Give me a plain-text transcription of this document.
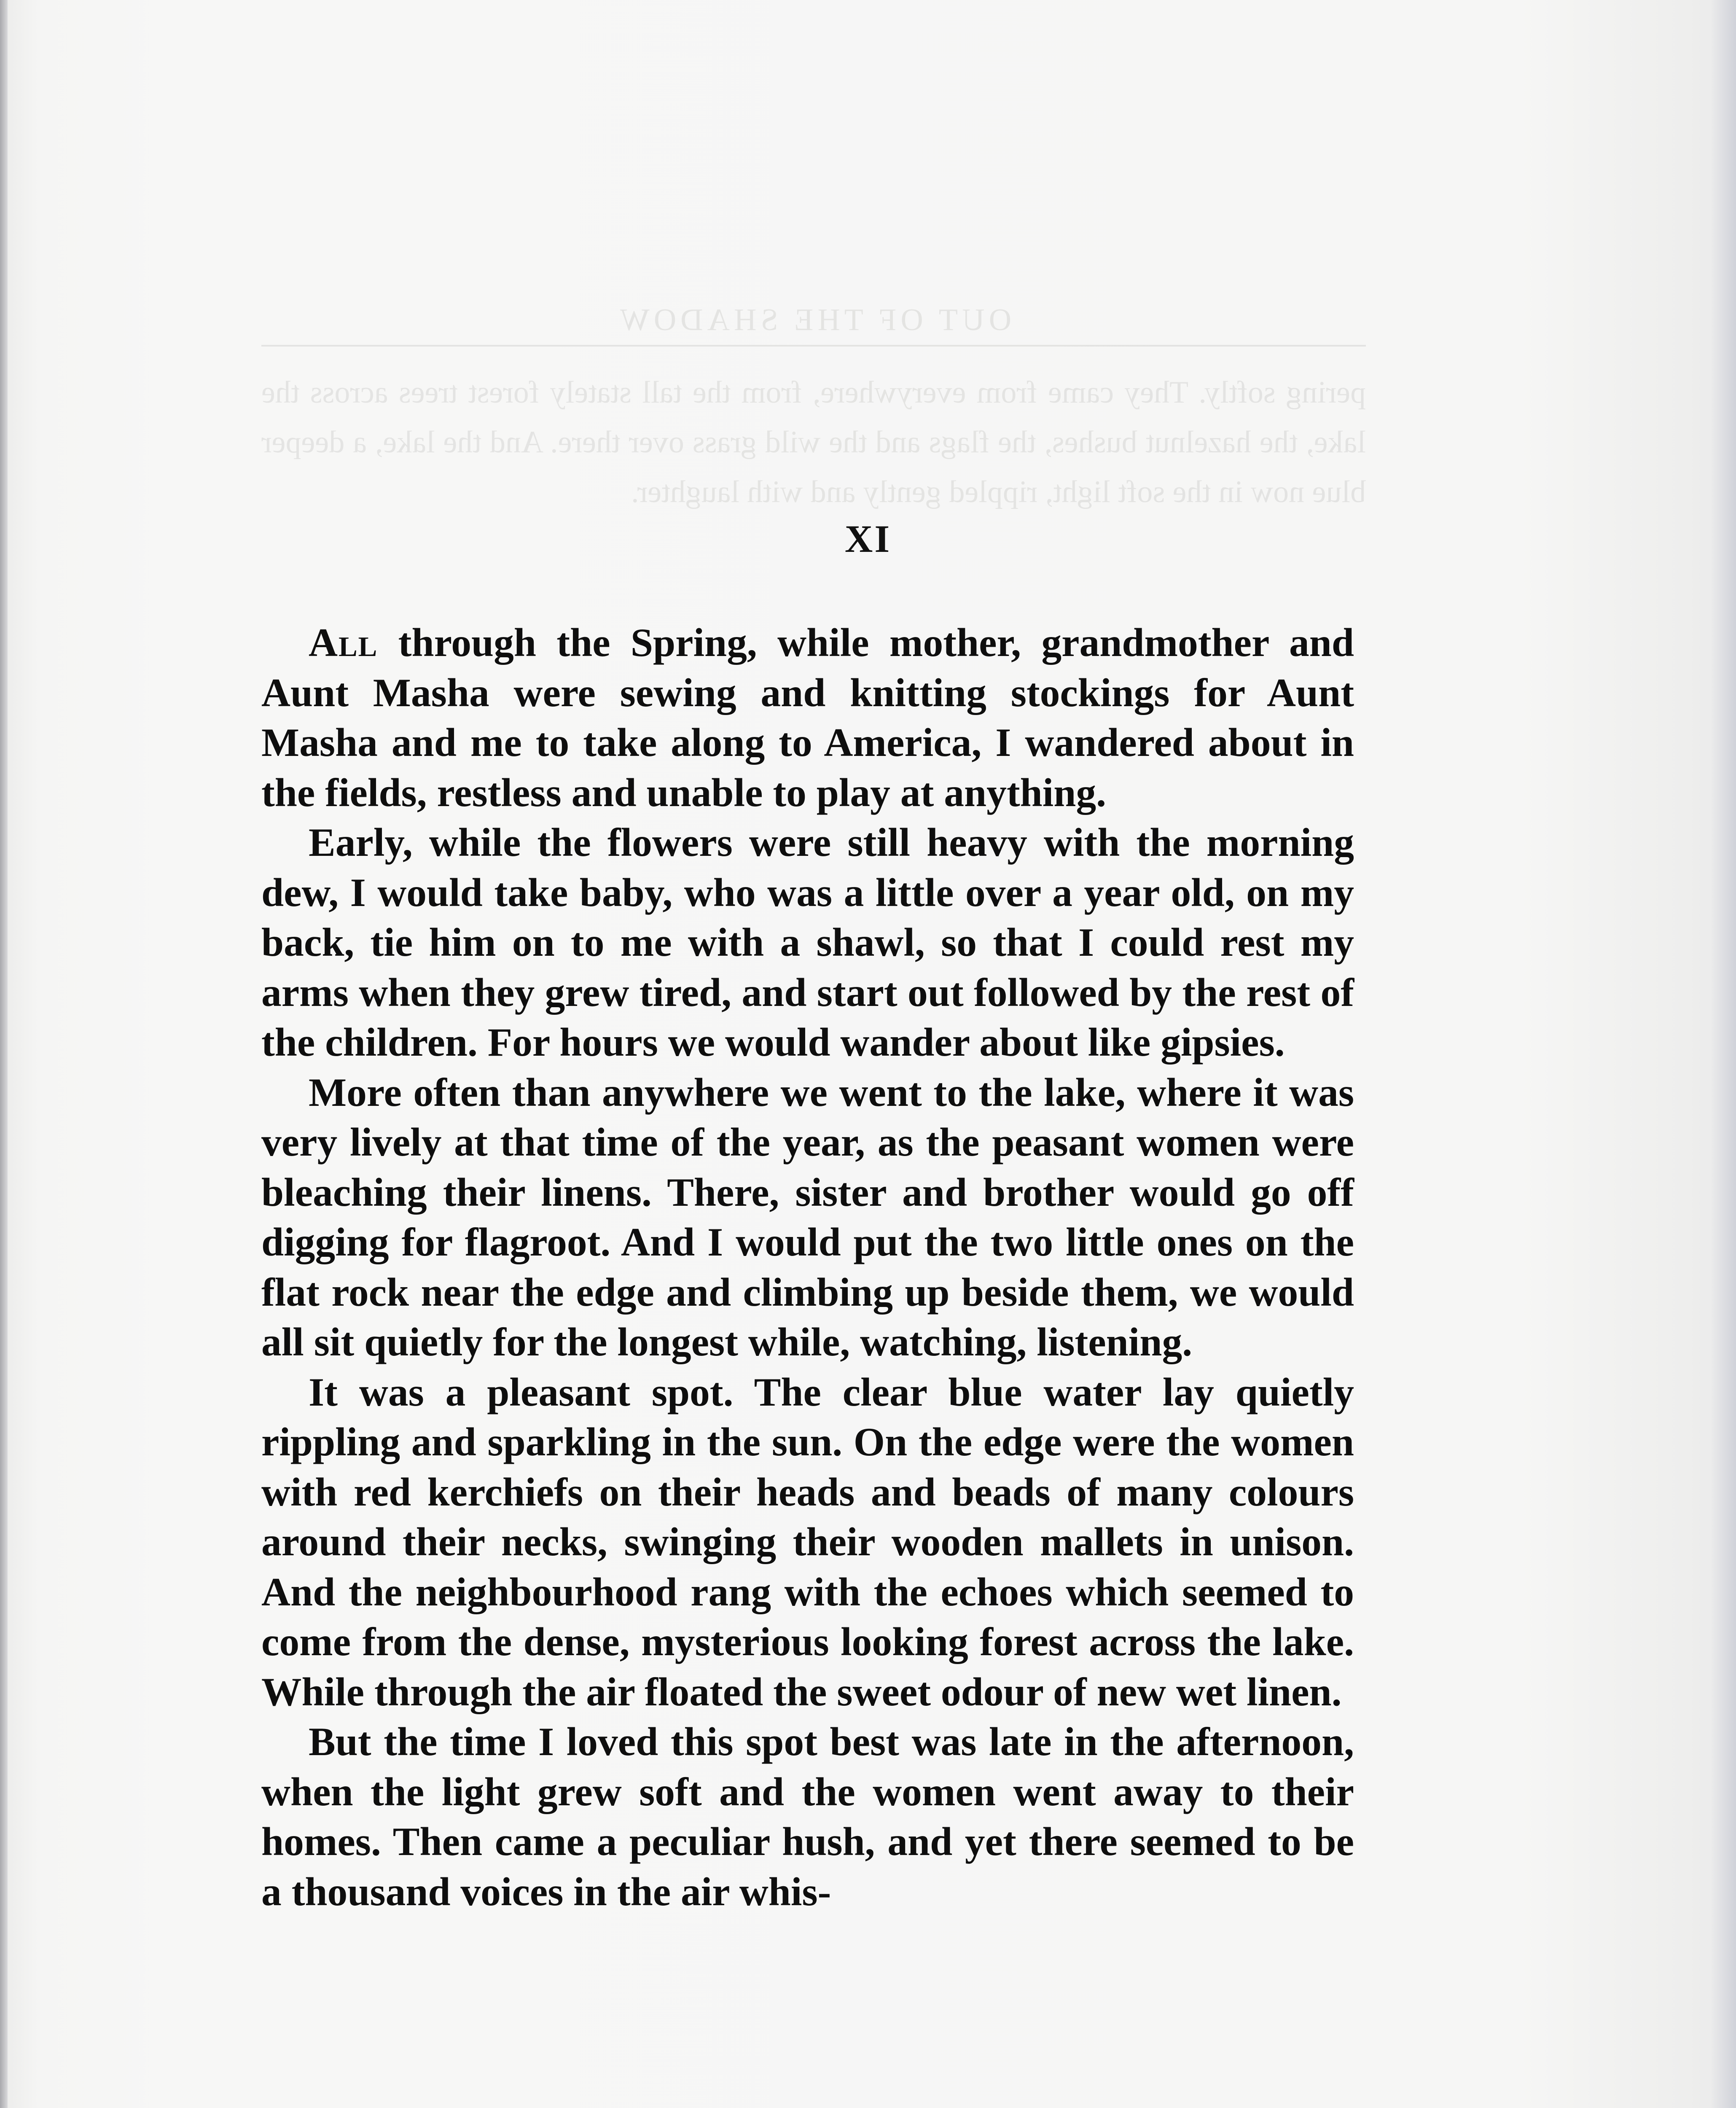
OUT OF THE SHADOW
pering softly. They came from everywhere, from the tall stately forest trees across the lake, the hazelnut bushes, the flags and the wild grass over there. And the lake, a deeper blue now in the soft light, rippled gently and with laughter.
XI

All through the Spring, while mother, grandmother and Aunt Masha were sewing and knitting stockings for Aunt Masha and me to take along to America, I wandered about in the fields, restless and unable to play at anything.

Early, while the flowers were still heavy with the morning dew, I would take baby, who was a little over a year old, on my back, tie him on to me with a shawl, so that I could rest my arms when they grew tired, and start out followed by the rest of the children. For hours we would wander about like gipsies.

More often than anywhere we went to the lake, where it was very lively at that time of the year, as the peasant women were bleaching their linens. There, sister and brother would go off digging for flagroot. And I would put the two little ones on the flat rock near the edge and climbing up beside them, we would all sit quietly for the longest while, watching, listening.

It was a pleasant spot. The clear blue water lay quietly rippling and sparkling in the sun. On the edge were the women with red kerchiefs on their heads and beads of many colours around their necks, swinging their wooden mallets in unison. And the neighbourhood rang with the echoes which seemed to come from the dense, mysterious looking forest across the lake. While through the air floated the sweet odour of new wet linen.

But the time I loved this spot best was late in the afternoon, when the light grew soft and the women went away to their homes. Then came a peculiar hush, and yet there seemed to be a thousand voices in the air whis-
